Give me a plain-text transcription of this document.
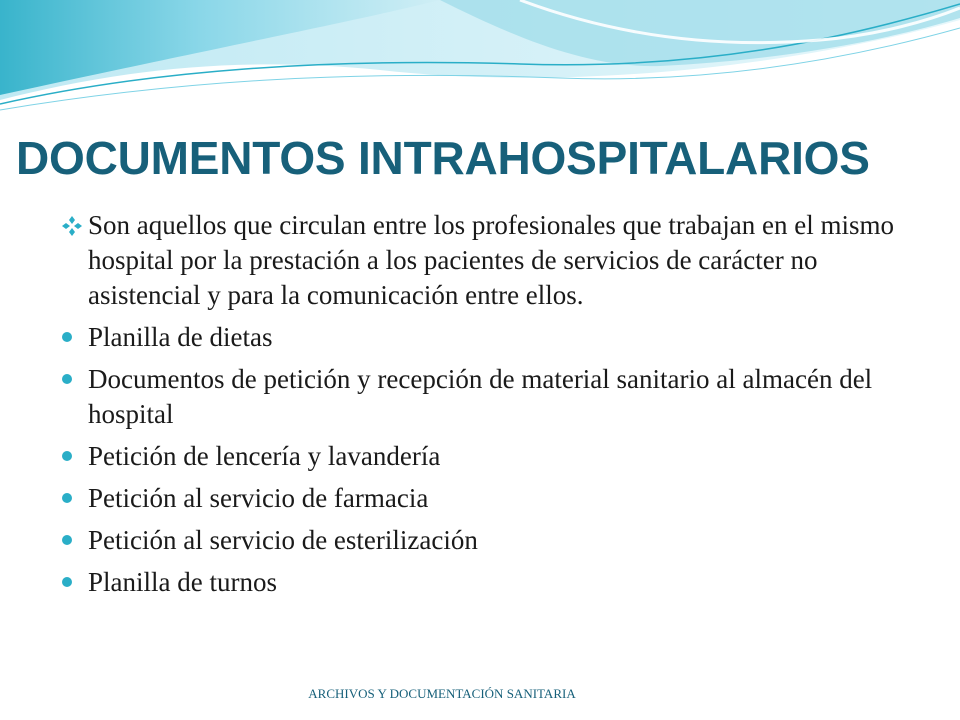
DOCUMENTOS INTRAHOSPITALARIOS
Son aquellos que circulan entre los profesionales que trabajan en el mismo hospital por la prestación a los pacientes de servicios de carácter no asistencial y para la comunicación entre ellos.
Planilla de dietas
Documentos de petición y recepción de material sanitario al almacén del hospital
Petición de lencería y lavandería
Petición al servicio de farmacia
Petición al servicio de esterilización
Planilla de turnos
ARCHIVOS Y DOCUMENTACIÓN SANITARIA
